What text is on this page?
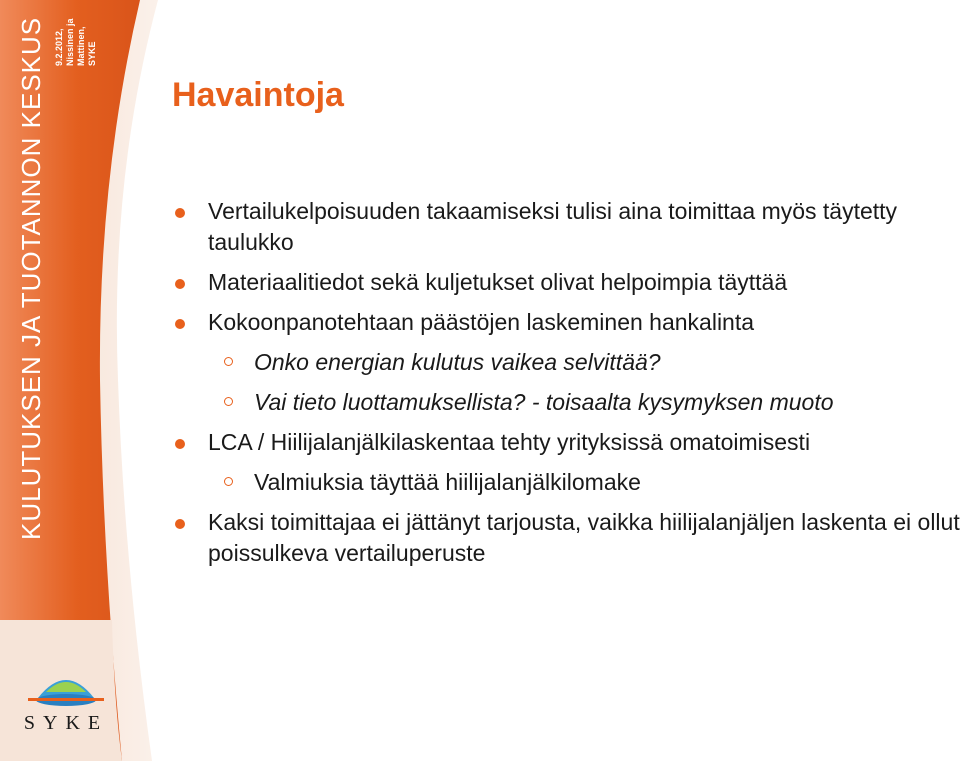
KULUTUKSEN JA TUOTANNON KESKUS 9.2.2012, Nissinen ja Mattinen, SYKE
SYKE
Havaintoja
Vertailukelpoisuuden takaamiseksi tulisi aina toimittaa myös täytetty taulukko
Materiaalitiedot sekä kuljetukset olivat helpoimpia täyttää
Kokoonpanotehtaan päästöjen laskeminen hankalinta
Onko energian kulutus vaikea selvittää?
Vai tieto luottamuksellista? - toisaalta kysymyksen muoto
LCA / Hiilijalanjälkilaskentaa tehty yrityksissä omatoimisesti
Valmiuksia täyttää hiilijalanjälkilomake
Kaksi toimittajaa ei jättänyt tarjousta, vaikka hiilijalanjäljen laskenta ei ollut poissulkeva vertailuperuste
